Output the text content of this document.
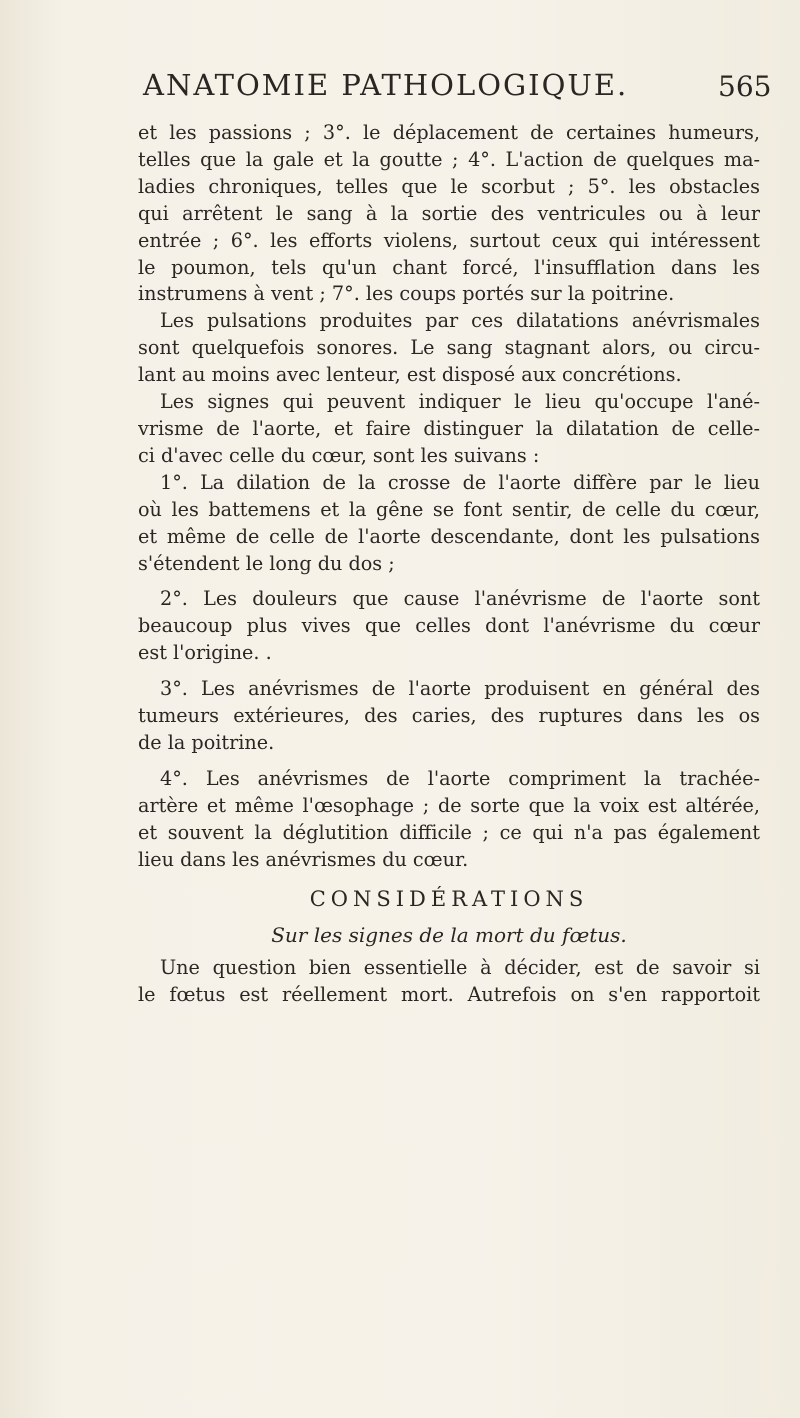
ANATOMIE PATHOLOGIQUE.	565
et les passions ; 3°. le déplacement de certaines humeurs,
telles que la gale et la goutte ; 4°. L'action de quelques ma-
ladies chroniques, telles que le scorbut ; 5°. les obstacles
qui arrêtent le sang à la sortie des ventricules ou à leur
entrée ; 6°. les efforts violens, surtout ceux qui intéressent
le poumon, tels qu'un chant forcé, l'insufflation dans les
instrumens à vent ; 7°. les coups portés sur la poitrine.
Les pulsations produites par ces dilatations anévrismales
sont quelquefois sonores. Le sang stagnant alors, ou circu-
lant au moins avec lenteur, est disposé aux concrétions.
Les signes qui peuvent indiquer le lieu qu'occupe l'ané-
vrisme de l'aorte, et faire distinguer la dilatation de celle-
ci d'avec celle du cœur, sont les suivans :
1°. La dilation de la crosse de l'aorte diffère par le lieu
où les battemens et la gêne se font sentir, de celle du cœur,
et même de celle de l'aorte descendante, dont les pulsations
s'étendent le long du dos ;
2°. Les douleurs que cause l'anévrisme de l'aorte sont
beaucoup plus vives que celles dont l'anévrisme du cœur
est l'origine. .
3°. Les anévrismes de l'aorte produisent en général des
tumeurs extérieures, des caries, des ruptures dans les os
de la poitrine.
4°. Les anévrismes de l'aorte compriment la trachée-
artère et même l'œsophage ; de sorte que la voix est altérée,
et souvent la déglutition difficile ; ce qui n'a pas également
lieu dans les anévrismes du cœur.
CONSIDÉRATIONS
Sur les signes de la mort du fœtus.
Une question bien essentielle à décider, est de savoir si
le fœtus est réellement mort. Autrefois on s'en rapportoit
